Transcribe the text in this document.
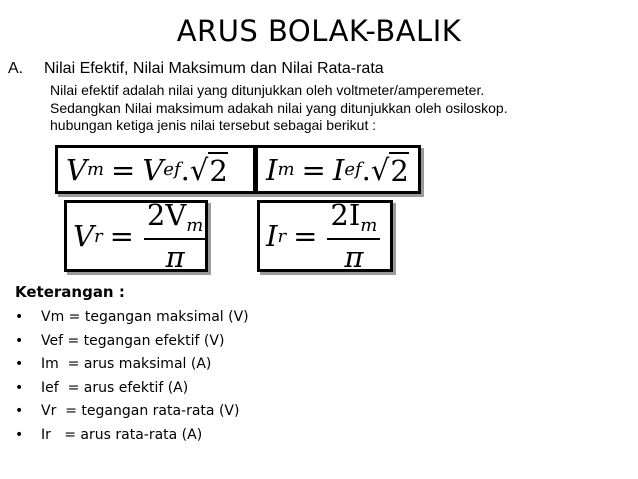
ARUS BOLAK-BALIK
A. Nilai Efektif, Nilai Maksimum dan Nilai Rata-rata
Nilai efektif adalah nilai yang ditunjukkan oleh voltmeter/amperemeter.
Sedangkan Nilai maksimum adakah nilai yang ditunjukkan oleh osiloskop.
hubungan ketiga jenis nilai tersebut sebagai berikut :
V m = V ef . √ 2 I m = I ef . √ 2
V $r = \frac{2V_m}{\pi}$ I $r = \frac{2I_m}{\pi}$
Keterangan :
• Vm = tegangan maksimal (V)
• Vef = tegangan efektif (V)
• Im  = arus maksimal (A)
• Ief  = arus efektif (A)
• Vr  = tegangan rata-rata (V)
• Ir   = arus rata-rata (A)
